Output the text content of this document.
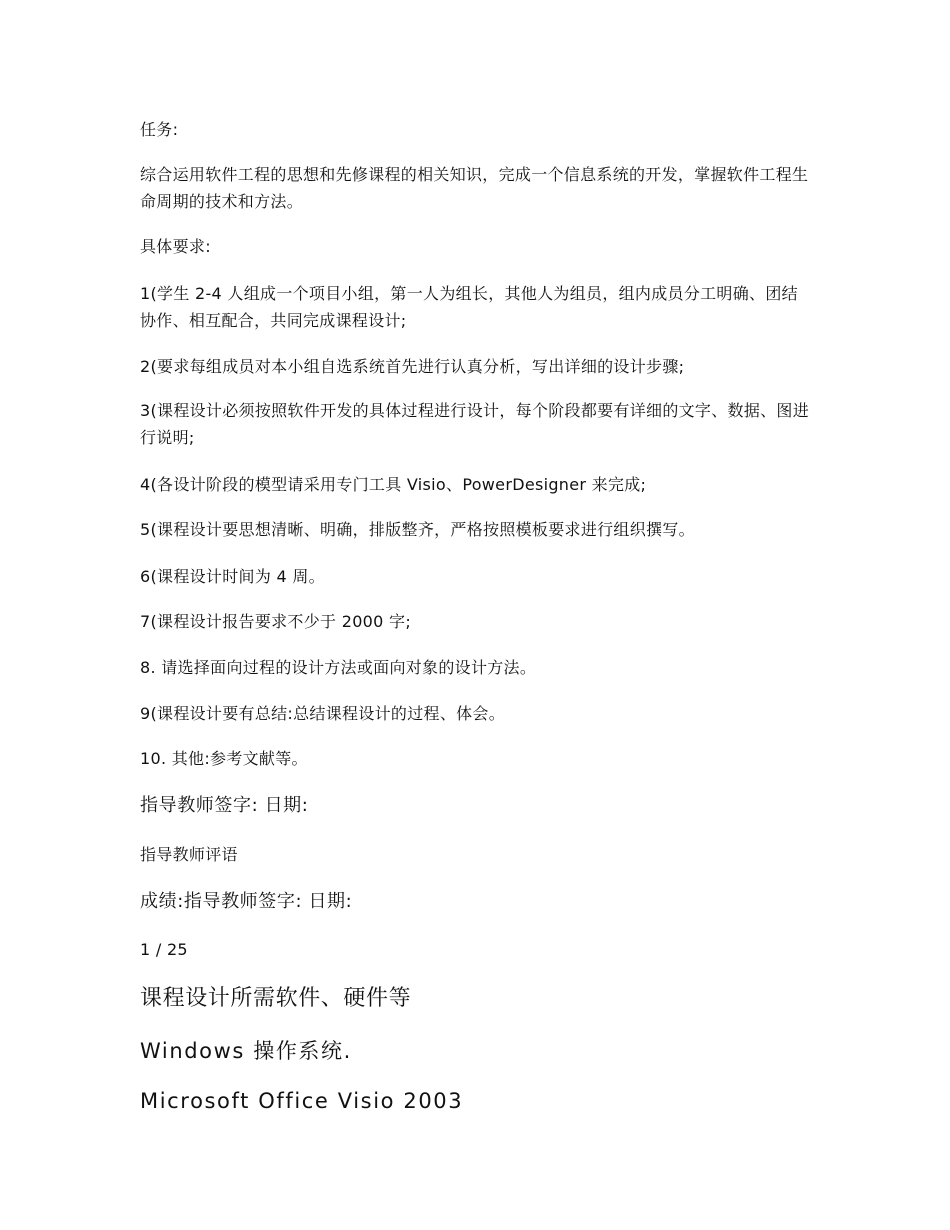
任务:
综合运用软件工程的思想和先修课程的相关知识，完成一个信息系统的开发，掌握软件工程生命周期的技术和方法。
具体要求:
1(学生 2-4 人组成一个项目小组，第一人为组长，其他人为组员，组内成员分工明确、团结协作、相互配合，共同完成课程设计;
2(要求每组成员对本小组自选系统首先进行认真分析，写出详细的设计步骤;
3(课程设计必须按照软件开发的具体过程进行设计，每个阶段都要有详细的文字、数据、图进行说明;
4(各设计阶段的模型请采用专门工具 Visio、PowerDesigner 来完成;
5(课程设计要思想清晰、明确，排版整齐，严格按照模板要求进行组织撰写。
6(课程设计时间为 4 周。
7(课程设计报告要求不少于 2000 字;
8. 请选择面向过程的设计方法或面向对象的设计方法。
9(课程设计要有总结:总结课程设计的过程、体会。
10. 其他:参考文献等。
指导教师签字: 日期:
指导教师评语
成绩:指导教师签字: 日期:
1 / 25
课程设计所需软件、硬件等
Windows 操作系统.
Microsoft Office Visio 2003
